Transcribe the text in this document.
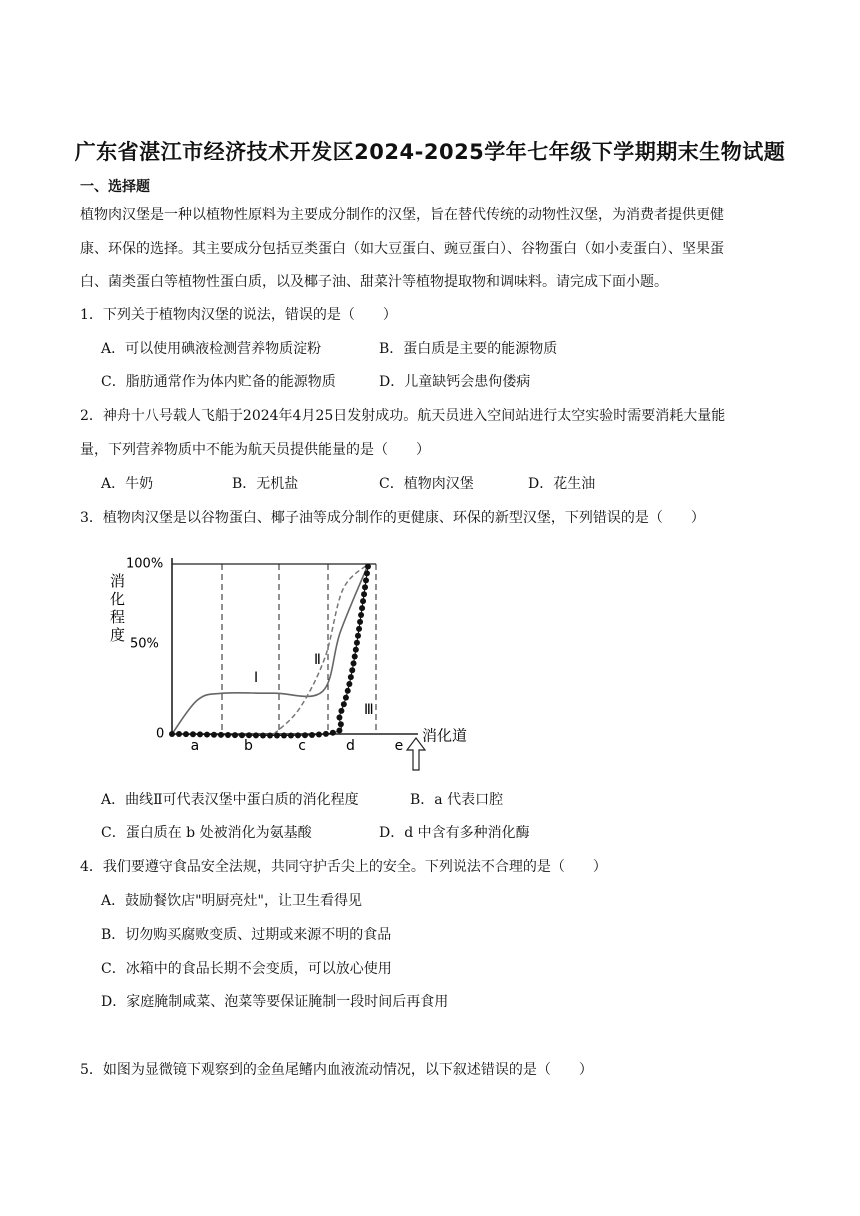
广东省湛江市经济技术开发区2024-2025学年七年级下学期期末生物试题
一、选择题
植物肉汉堡是一种以植物性原料为主要成分制作的汉堡，旨在替代传统的动物性汉堡，为消费者提供更健
康、环保的选择。其主要成分包括豆类蛋白（如大豆蛋白、豌豆蛋白）、谷物蛋白（如小麦蛋白）、坚果蛋
白、菌类蛋白等植物性蛋白质，以及椰子油、甜菜汁等植物提取物和调味料。请完成下面小题。
1．下列关于植物肉汉堡的说法，错误的是（　　）
A．可以使用碘液检测营养物质淀粉	B．蛋白质是主要的能源物质
C．脂肪通常作为体内贮备的能源物质	D．儿童缺钙会患佝偻病
2．神舟十八号载人飞船于2024年4月25日发射成功。航天员进入空间站进行太空实验时需要消耗大量能
量，下列营养物质中不能为航天员提供能量的是（　　）
A．牛奶	B．无机盐	C．植物肉汉堡	D．花生油
3．植物肉汉堡是以谷物蛋白、椰子油等成分制作的更健康、环保的新型汉堡，下列错误的是（　　）
100%
50%
0
消
化
程
度
a	b	c	d	e
消化道
Ⅰ
Ⅱ
Ⅲ
A．曲线Ⅱ可代表汉堡中蛋白质的消化程度	B．a 代表口腔
C．蛋白质在 b 处被消化为氨基酸	D．d 中含有多种消化酶
4．我们要遵守食品安全法规，共同守护舌尖上的安全。下列说法不合理的是（　　）
A．鼓励餐饮店"明厨亮灶"，让卫生看得见
B．切勿购买腐败变质、过期或来源不明的食品
C．冰箱中的食品长期不会变质，可以放心使用
D．家庭腌制咸菜、泡菜等要保证腌制一段时间后再食用
5．如图为显微镜下观察到的金鱼尾鳍内血液流动情况，以下叙述错误的是（　　）
